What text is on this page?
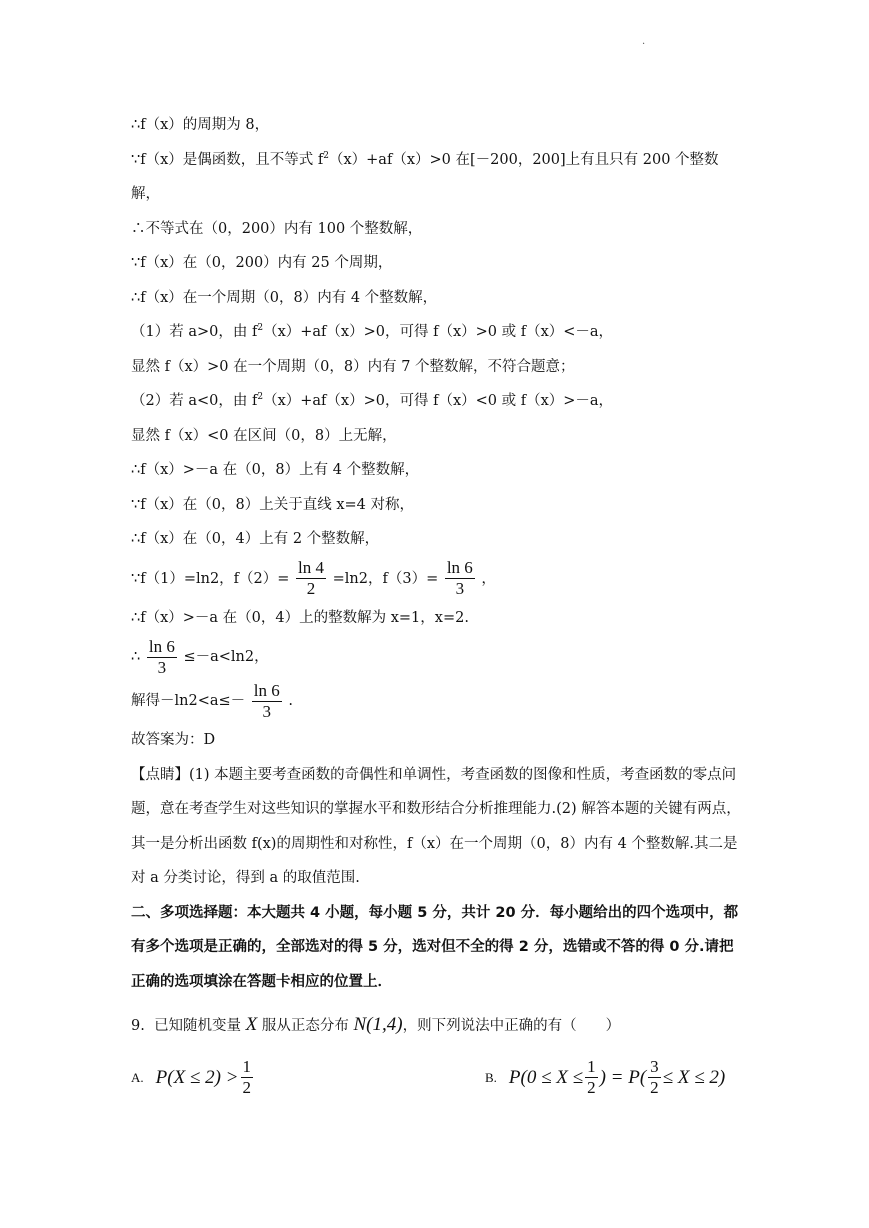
.
∴f（x）的周期为 8，
∵f（x）是偶函数，且不等式 $f^2(x)+af(x)>0$ 在[－200，200]上有且只有 200 个整数
解，
∴不等式在（0，200）内有 100 个整数解，
∵f（x）在（0，200）内有 25 个周期，
∴f（x）在一个周期（0，8）内有 4 个整数解，
（1）若 a>0，由 $f^2(x)+af(x)>0$，可得 f（x）>0 或 f（x）<－a，
显然 f（x）>0 在一个周期（0，8）内有 7 个整数解，不符合题意；
（2）若 a<0，由 $f^2(x)+af(x)>0$，可得 f（x）<0 或 f（x）>－a，
显然 f（x）<0 在区间（0，8）上无解，
∴f（x）>－a 在（0，8）上有 4 个整数解，
∵f（x）在（0，8）上关于直线 x=4 对称，
∴f（x）在（0，4）上有 2 个整数解，
∵f（1）=ln2，$f(2)= \frac{\ln 4}{2} =\ln 2$，$f(3)= \frac{\ln 6}{3}$ ，
∴f（x）>－a 在（0，4）上的整数解为 x=1，x=2.
∴ $\frac{\ln 6}{3} \le-a<\ln 2$，
解得$-\ln 2<a\le- \frac{\ln 6}{3}$ .
故答案为：D
【点睛】(1) 本题主要考查函数的奇偶性和单调性，考查函数的图像和性质，考查函数的零点问题，意在考查学生对这些知识的掌握水平和数形结合分析推理能力.(2) 解答本题的关键有两点，其一是分析出函数 f(x)的周期性和对称性，f（x）在一个周期（0，8）内有 4 个整数解.其二是对 a 分类讨论，得到 a 的取值范围.
二、多项选择题：本大题共 4 小题，每小题 5 分，共计 20 分．每小题给出的四个选项中，都有多个选项是正确的，全部选对的得 5 分，选对但不全的得 2 分，选错或不答的得 0 分.请把正确的选项填涂在答题卡相应的位置上．
9. 已知随机变量 X 服从正态分布 N(1,4)，则下列说法中正确的有（　　）
A. $P(X \le 2) > \frac{1}{2}$	B. $P(0 \le X \le \frac{1}{2}$ ) = $P( \frac{3}{2} \le X \le 2)$
